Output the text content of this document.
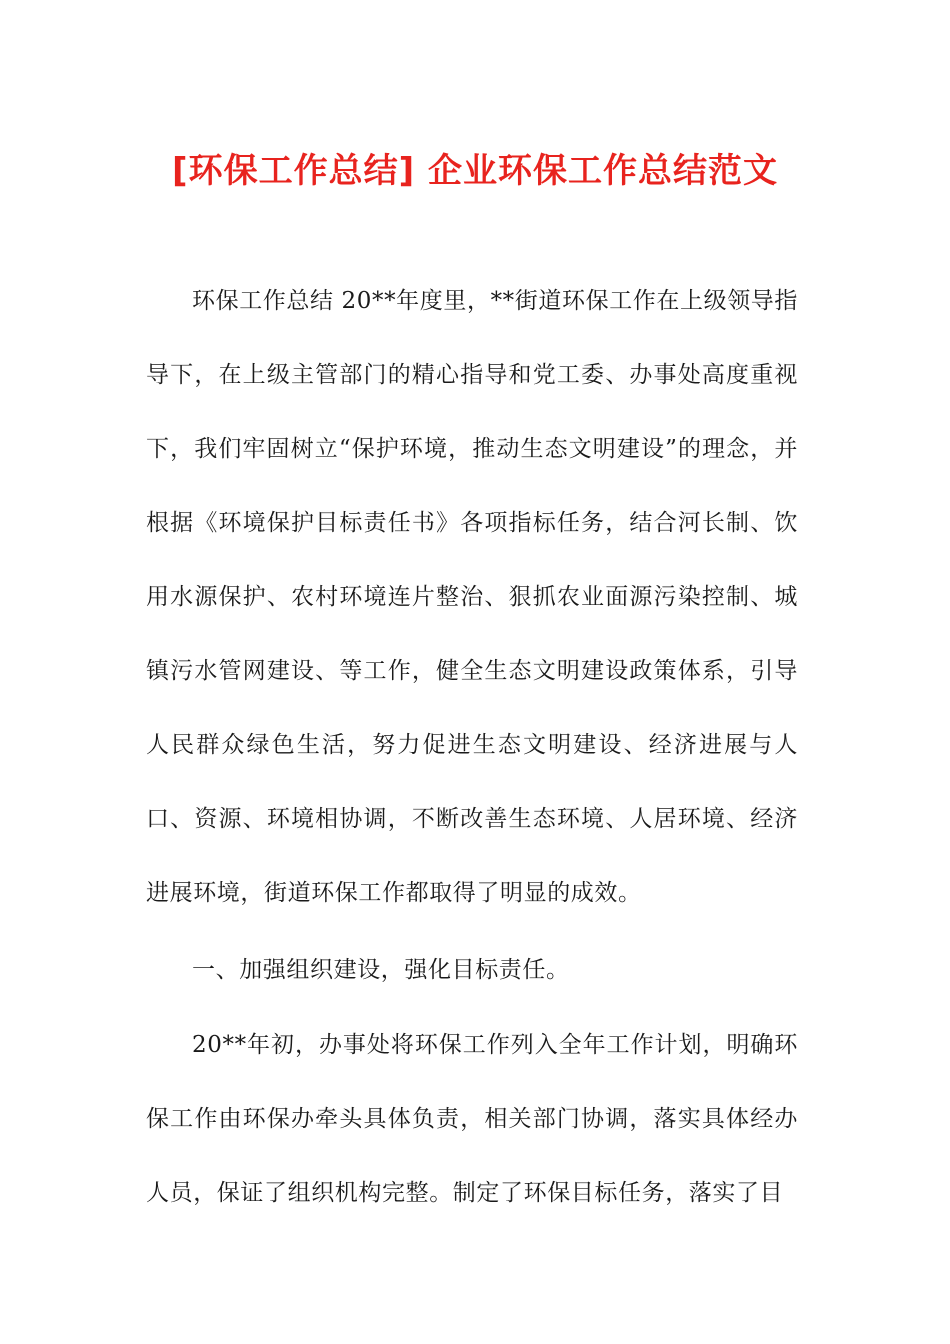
[环保工作总结] 企业环保工作总结范文

环保工作总结 20**年度里，**街道环保工作在上级领导指导下，在上级主管部门的精心指导和党工委、办事处高度重视下，我们牢固树立“保护环境，推动生态文明建设”的理念，并根据《环境保护目标责任书》各项指标任务，结合河长制、饮用水源保护、农村环境连片整治、狠抓农业面源污染控制、城镇污水管网建设、等工作，健全生态文明建设政策体系，引导人民群众绿色生活，努力促进生态文明建设、经济进展与人口、资源、环境相协调，不断改善生态环境、人居环境、经济进展环境，街道环保工作都取得了明显的成效。

一、加强组织建设，强化目标责任。

20**年初，办事处将环保工作列入全年工作计划，明确环保工作由环保办牵头具体负责，相关部门协调，落实具体经办人员，保证了组织机构完整。制定了环保目标任务，落实了目
